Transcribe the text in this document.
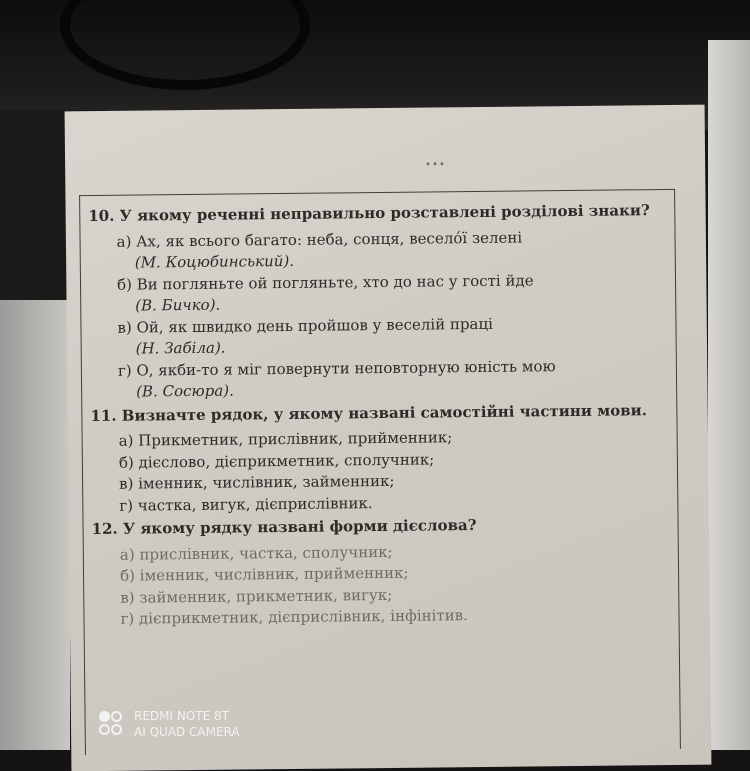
•••
10. У якому реченні неправильно розставлені розділові знаки?
а) Ах, як всього багато: неба, сонця, весело́ї зелені
(М. Коцюбинський).
б) Ви погляньте ой погляньте, хто до нас у гості йде
(В. Бичко).
в) Ой, як швидко день пройшов у веселій праці
(Н. Забіла).
г) О, якби-то я міг повернути неповторную юність мою
(В. Сосюра).
11. Визначте рядок, у якому названі самостійні частини мови.
а) Прикметник, прислівник, прийменник;
б) дієслово, дієприкметник, сполучник;
в) іменник, числівник, займенник;
г) частка, вигук, дієприслівник.
12. У якому рядку названі форми дієслова?
а) прислівник, частка, сполучник;
б) іменник, числівник, прийменник;
в) займенник, прикметник, вигук;
г) дієприкметник, дієприслівник, інфінітив.
REDMI NOTE 8T
AI QUAD CAMERA
